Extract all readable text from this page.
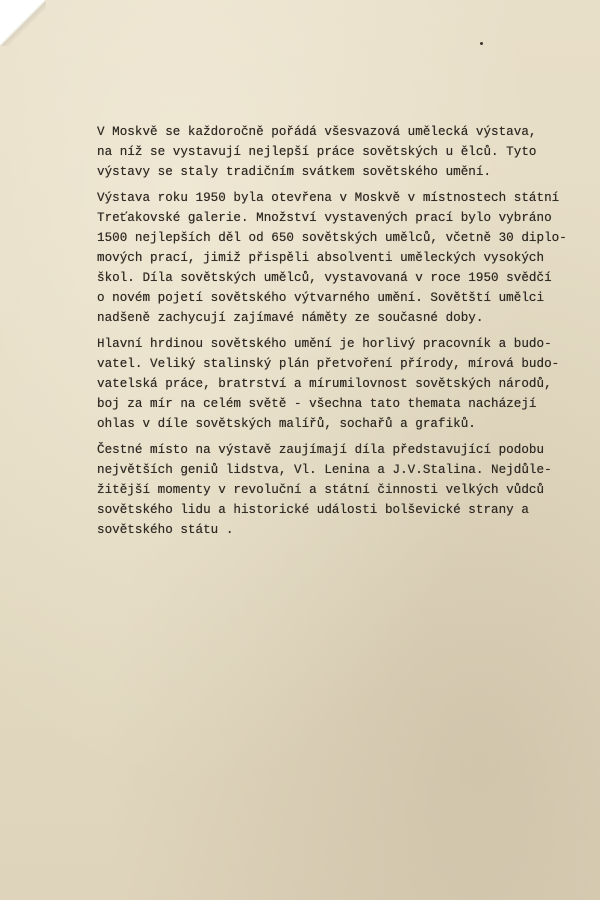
V Moskvě se každoročně pořádá všesvazová umělecká výstava,
na níž se vystavují nejlepší práce sovětských u ělců. Tyto
výstavy se staly tradičním svátkem sovětského umění.

Výstava roku 1950 byla otevřena v Moskvě v místnostech státní
Treťakovské galerie. Množství vystavených prací bylo vybráno
1500 nejlepších děl od 650 sovětských umělců, včetně 30 diplo-
mových prací, jimiž přispěli absolventi uměleckých vysokých
škol. Díla sovětských umělců, vystavovaná v roce 1950 svědčí
o novém pojetí sovětského výtvarného umění. Sovětští umělci
nadšeně zachycují zajímavé náměty ze současné doby.

Hlavní hrdinou sovětského umění je horlivý pracovník a budo-
vatel. Veliký stalinský plán přetvoření přírody, mírová budo-
vatelská práce, bratrství a mírumilovnost sovětských národů,
boj za mír na celém světě - všechna tato themata nacházejí
ohlas v díle sovětských malířů, sochařů a grafiků.

Čestné místo na výstavě zaujímají díla představující podobu
největších geniů lidstva, Vl. Lenina a J.V.Stalina. Nejdůle-
žitější momenty v revoluční a státní činnosti velkých vůdců
sovětského lidu a historické události bolševické strany a
sovětského státu .
